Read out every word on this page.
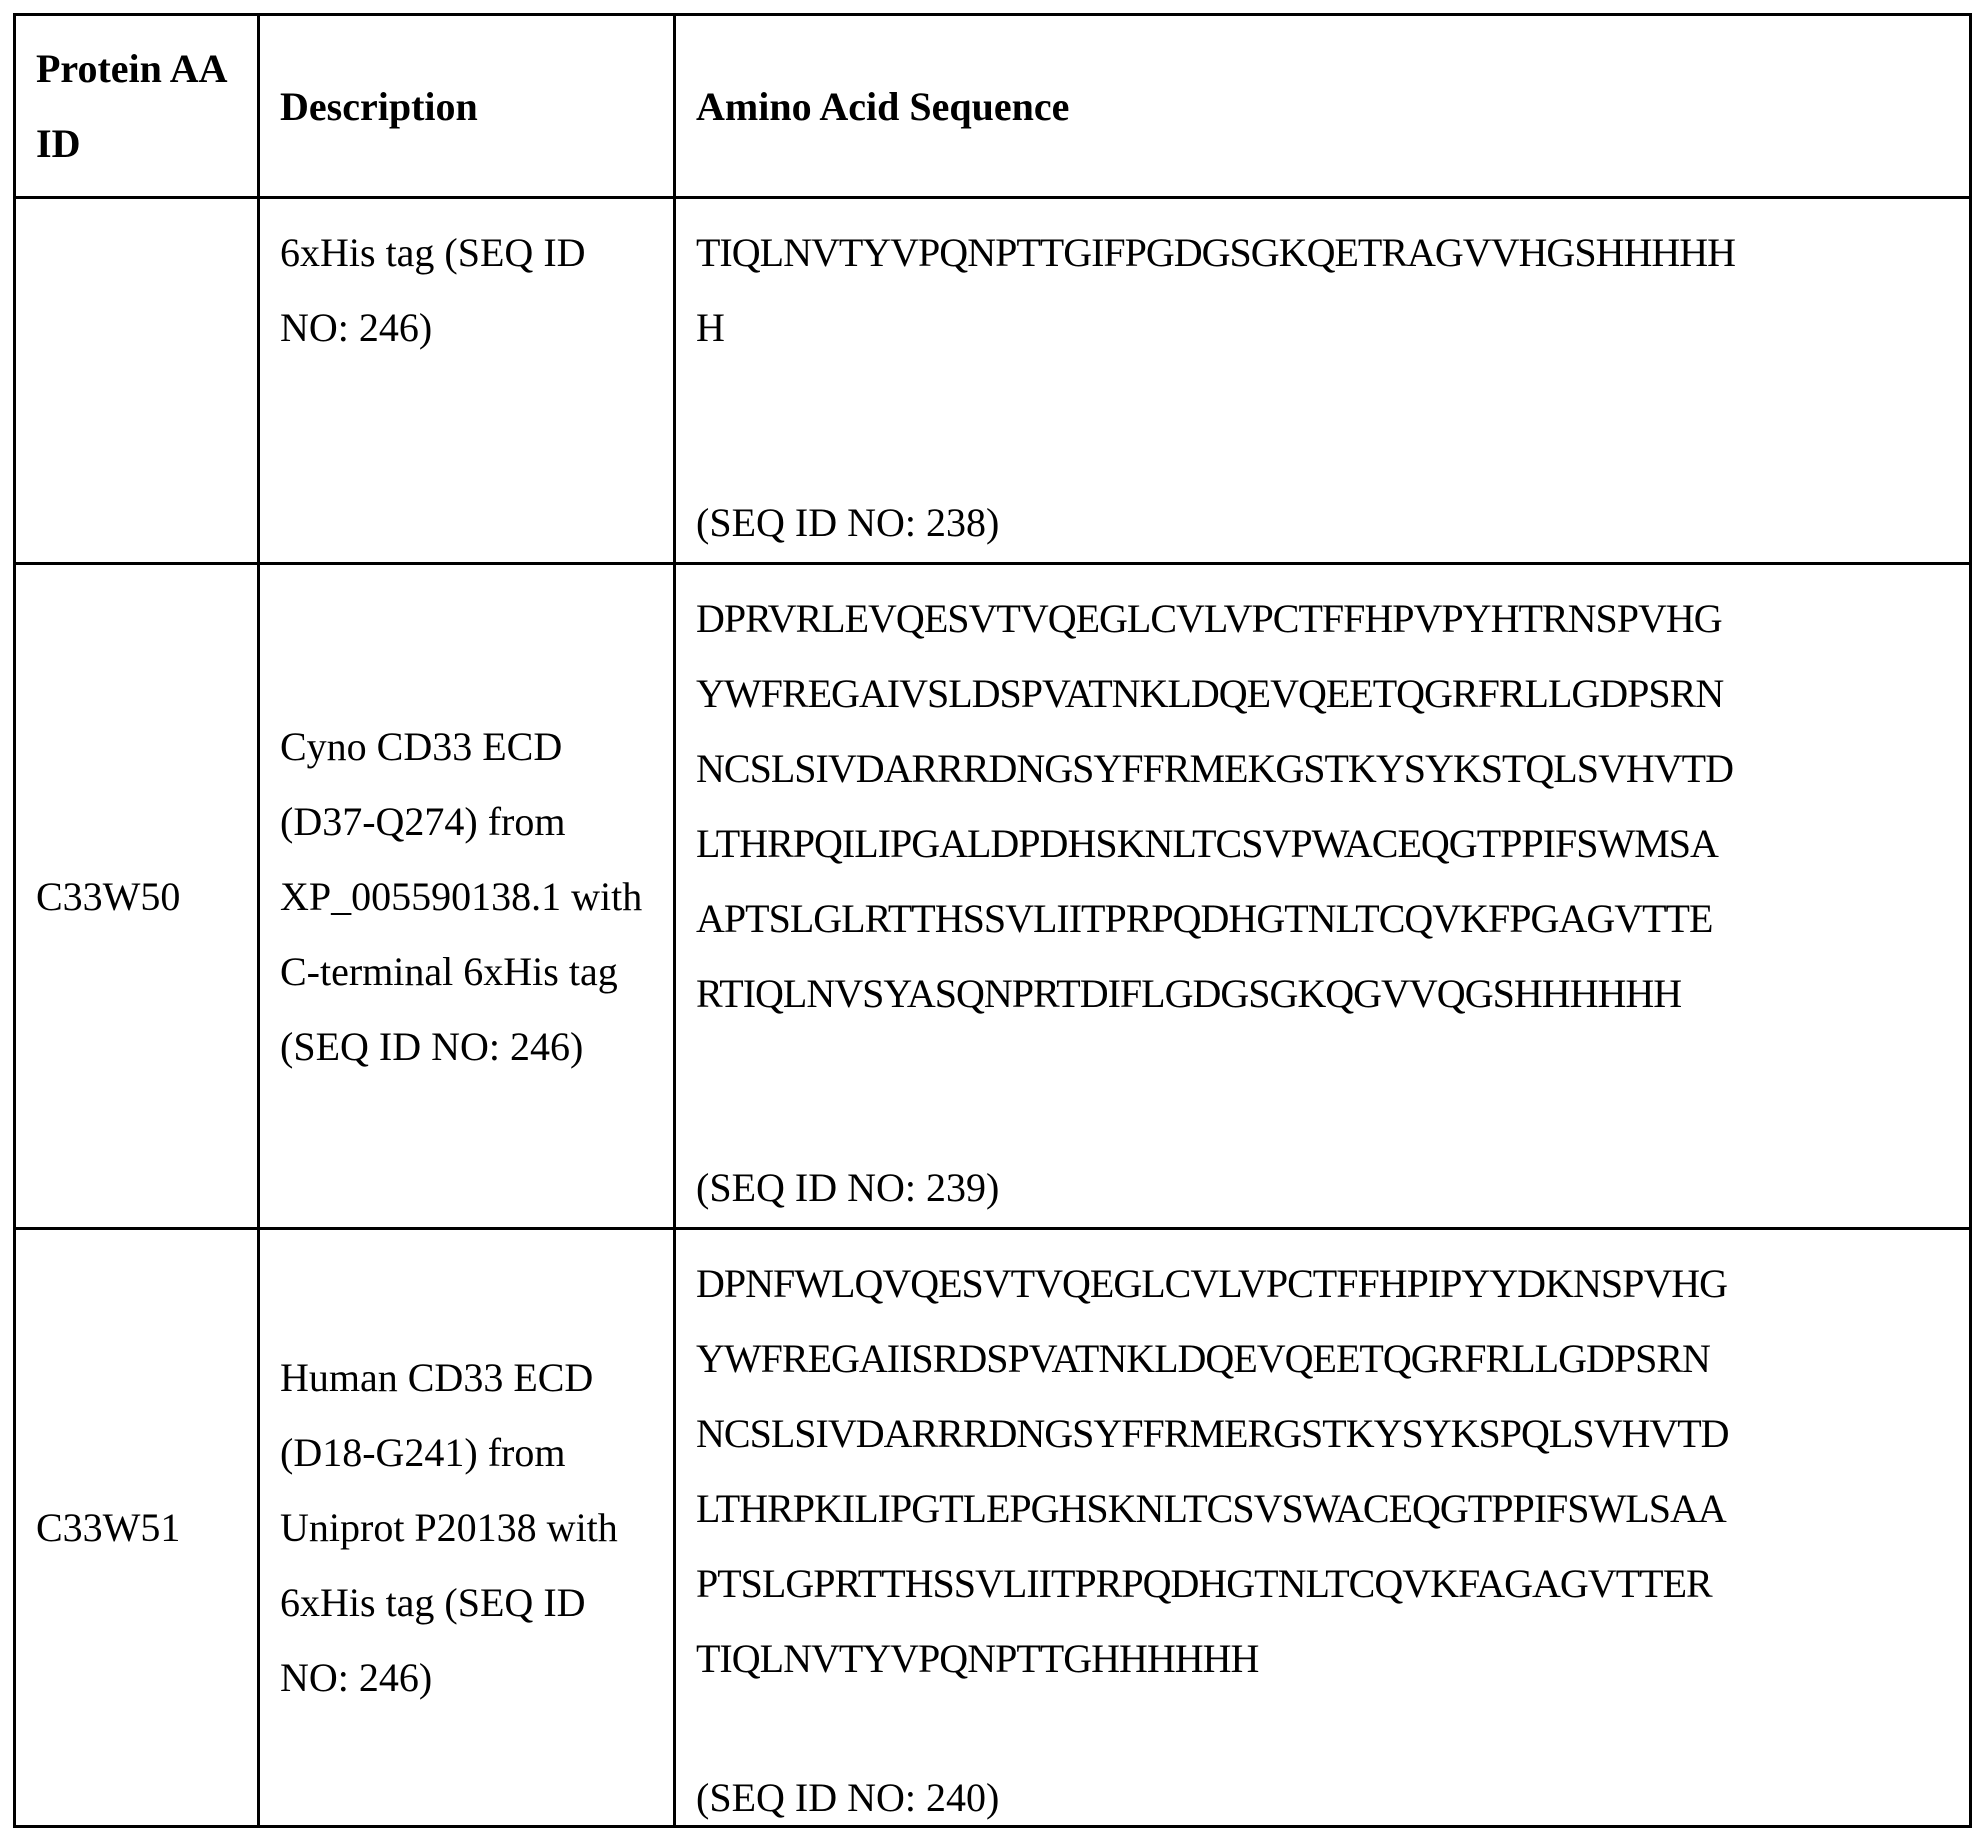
Protein AA ID

Description	Amino Acid Sequence

	6xHis tag (SEQ ID NO: 246)	
TIQLNVTYVPQNPTTGIFPGDGSGKQETRAGVVHGSHHHHH
H
(SEQ ID NO: 238)

C33W50	Cyno CD33 ECD (D37-Q274) from XP_005590138.1 with C-terminal 6xHis tag (SEQ ID NO: 246)	
DPRVRLEVQESVTVQEGLCVLVPCTFFHPVPYHTRNSPVHG
YWFREGAIVSLDSPVATNKLDQEVQEETQGRFRLLGDPSRN
NCSLSIVDARRRDNGSYFFRMEKGSTKYSYKSTQLSVHVTD
LTHRPQILIPGALDPDHSKNLTCSVPWACEQGTPPIFSWMSA
APTSLGLRTTHSSVLIITPRPQDHGTNLTCQVKFPGAGVTTE
RTIQLNVSYASQNPRTDIFLGDGSGKQGVVQGSHHHHHH
(SEQ ID NO: 239)

C33W51	Human CD33 ECD (D18-G241) from Uniprot P20138 with 6xHis tag (SEQ ID NO: 246)	
DPNFWLQVQESVTVQEGLCVLVPCTFFHPIPYYDKNSPVHG
YWFREGAIISRDSPVATNKLDQEVQEETQGRFRLLGDPSRN
NCSLSIVDARRRDNGSYFFRMERGSTKYSYKSPQLSVHVTD
LTHRPKILIPGTLEPGHSKNLTCSVSWACEQGTPPIFSWLSAA
PTSLGPRTTHSSVLIITPRPQDHGTNLTCQVKFAGAGVTTER
TIQLNVTYVPQNPTTGHHHHHH
(SEQ ID NO: 240)
